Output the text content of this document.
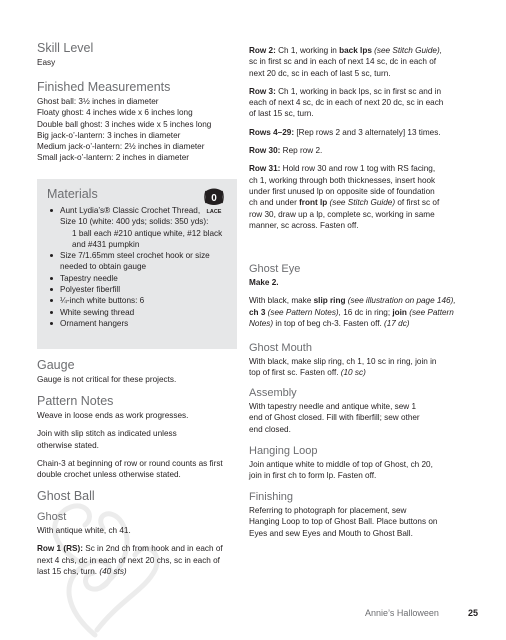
Skill Level

Easy

Finished Measurements

Ghost ball: 3½ inches in diameter

Floaty ghost: 4 inches wide x 6 inches long

Double ball ghost: 3 inches wide x 5 inches long

Big jack-o’-lantern: 3 inches in diameter

Medium jack-o’-lantern: 2½ inches in diameter

Small jack-o’-lantern: 2 inches in diameter

Materials
Aunt Lydia’s® Classic Crochet Thread,
Size 10 (white: 400 yds; solids: 350 yds):
1 ball each #210 antique white, #12 black
and #431 pumpkin
Size 7/1.65mm steel crochet hook or size
needed to obtain gauge
Tapestry needle
Polyester fiberfill
¼-inch white buttons: 6
White sewing thread
Ornament hangers
0
LACE
Gauge

Gauge is not critical for these projects.

Pattern Notes

Weave in loose ends as work progresses.

Join with slip stitch as indicated unless
otherwise stated.

Chain-3 at beginning of row or round counts as first
double crochet unless otherwise stated.

Ghost Ball
Ghost

With antique white, ch 41.

Row 1 (RS): Sc in 2nd ch from hook and in each of
next 4 chs, dc in each of next 20 chs, sc in each of
last 15 chs, turn. (40 sts)

Row 2: Ch 1, working in back lps (see Stitch Guide),
sc in first sc and in each of next 14 sc, dc in each of
next 20 dc, sc in each of last 5 sc, turn.

Row 3: Ch 1, working in back lps, sc in first sc and in
each of next 4 sc, dc in each of next 20 dc, sc in each
of last 15 sc, turn.

Rows 4–29: [Rep rows 2 and 3 alternately] 13 times.

Row 30: Rep row 2.

Row 31: Hold row 30 and row 1 tog with RS facing,
ch 1, working through both thicknesses, insert hook
under first unused lp on opposite side of foundation
ch and under front lp (see Stitch Guide) of first sc of
row 30, draw up a lp, complete sc, working in same
manner, sc across. Fasten off.

Ghost Eye

Make 2.

With black, make slip ring (see illustration on page 146),
ch 3 (see Pattern Notes), 16 dc in ring; join (see Pattern
Notes) in top of beg ch-3. Fasten off. (17 dc)

Ghost Mouth

With black, make slip ring, ch 1, 10 sc in ring, join in
top of first sc. Fasten off. (10 sc)

Assembly

With tapestry needle and antique white, sew 1
end of Ghost closed. Fill with fiberfill; sew other
end closed.

Hanging Loop

Join antique white to middle of top of Ghost, ch 20,
join in first ch to form lp. Fasten off.

Finishing

Referring to photograph for placement, sew
Hanging Loop to top of Ghost Ball. Place buttons on
Eyes and sew Eyes and Mouth to Ghost Ball.

Annie’s Halloween	25
